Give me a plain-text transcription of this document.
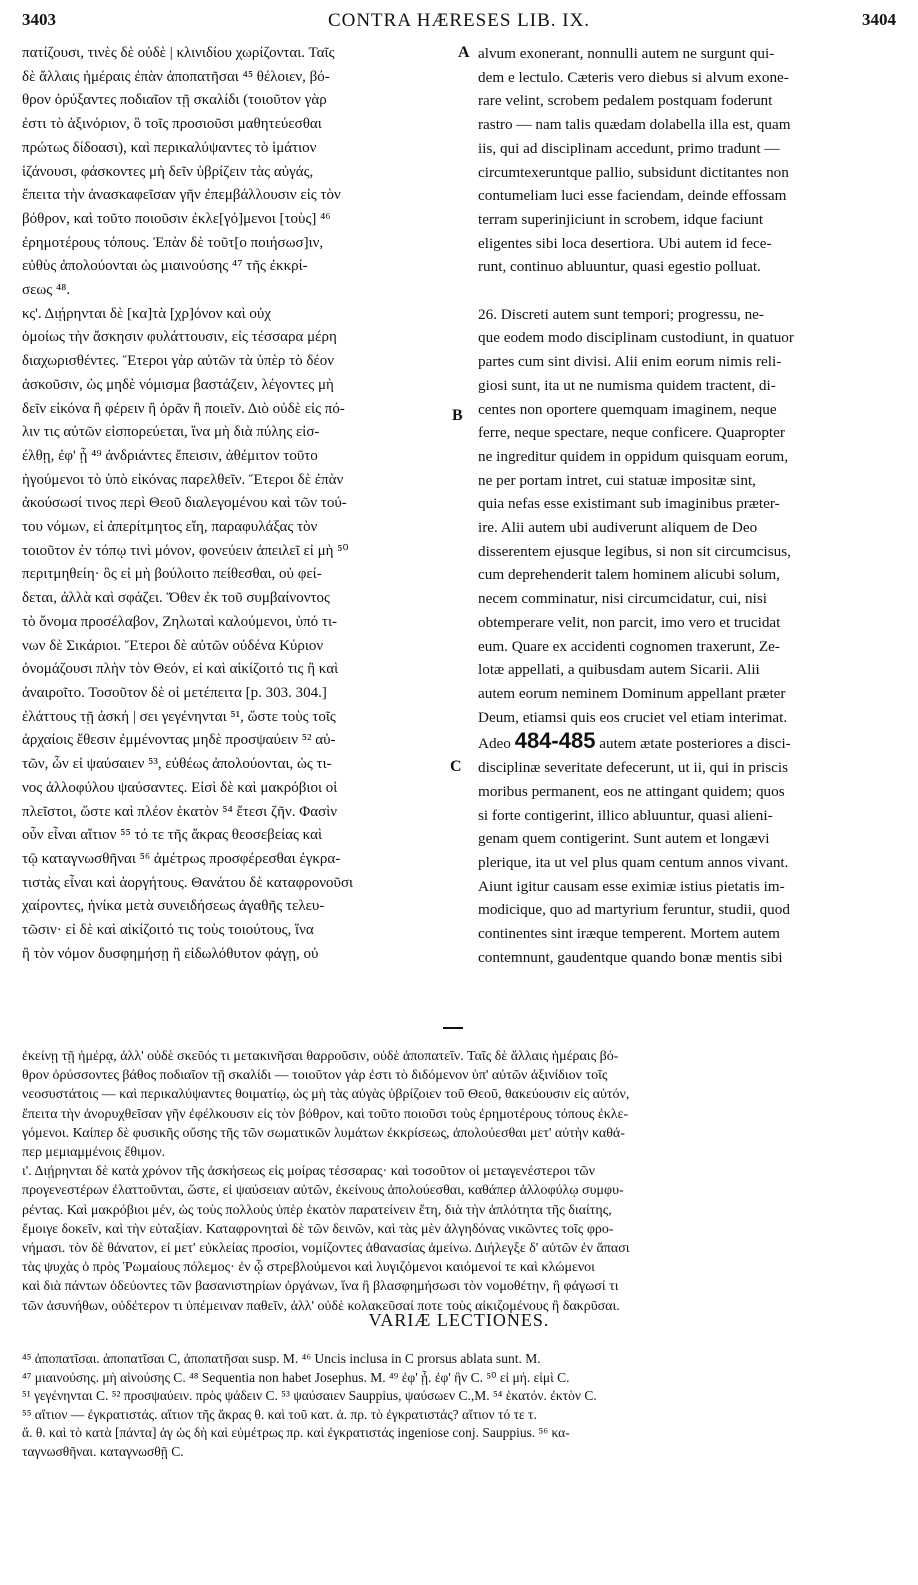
3403	CONTRA HÆRESES LIB. IX.	3404
πατίζουσι, τινὲς δὲ οὐδὲ | κλινιδίου χωρίζονται. Ταῖς
δὲ ἄλλαις ἡμέραις ἐπὰν ἀποπατῆσαι ⁴⁵ θέλοιεν, βό-
θρον ὀρύξαντες ποδιαῖον τῇ σκαλίδι (τοιοῦτον γὰρ
ἐστι τὸ ἀξινόριον, ὃ τοῖς προσιοῦσι μαθητεύεσθαι
πρώτως δίδοασι), καὶ περικαλύψαντες τὸ ἱμάτιον
ἱζάνουσι, φάσκοντες μὴ δεῖν ὑβρίζειν τὰς αὐγάς,
ἔπειτα τὴν ἀνασκαφεῖσαν γῆν ἐπεμβάλλουσιν εἰς τὸν
βόθρον, καὶ τοῦτο ποιοῦσιν ἐκλε[γό]μενοι [τοὺς] ⁴⁶
ἐρημοτέρους τόπους. Ἐπὰν δὲ τοῦτ[ο ποιήσωσ]ιν,
εὐθὺς ἀπολούονται ὡς μιαινούσης ⁴⁷ τῆς ἐκκρί-
σεως ⁴⁸.
κς'. Διῄρηνται δὲ [κα]τὰ [χρ]όνον καὶ οὐχ
ὁμοίως τὴν ἄσκησιν φυλάττουσιν, εἰς τέσσαρα μέρη
διαχωρισθέντες. Ἕτεροι γὰρ αὐτῶν τὰ ὑπὲρ τὸ δέον
ἀσκοῦσιν, ὡς μηδὲ νόμισμα βαστάζειν, λέγοντες μὴ
δεῖν εἰκόνα ἢ φέρειν ἢ ὁρᾶν ἢ ποιεῖν. Διὸ οὐδὲ εἰς πό-
λιν τις αὐτῶν εἰσπορεύεται, ἵνα μὴ διὰ πύλης εἰσ-
έλθῃ, ἐφ' ᾗ ⁴⁹ ἀνδριάντες ἔπεισιν, ἀθέμιτον τοῦτο
ἡγούμενοι τὸ ὑπὸ εἰκόνας παρελθεῖν. Ἕτεροι δὲ ἐπὰν
ἀκούσωσί τινος περὶ Θεοῦ διαλεγομένου καὶ τῶν τού-
του νόμων, εἰ ἀπερίτμητος εἴη, παραφυλάξας τὸν
τοιοῦτον ἐν τόπῳ τινὶ μόνον, φονεύειν ἀπειλεῖ εἰ μὴ ⁵⁰
περιτμηθείη· ὃς εἰ μὴ βούλοιτο πείθεσθαι, οὐ φεί-
δεται, ἀλλὰ καὶ σφάζει. Ὅθεν ἐκ τοῦ συμβαίνοντος
τὸ ὄνομα προσέλαβον, Ζηλωταὶ καλούμενοι, ὑπό τι-
νων δὲ Σικάριοι. Ἕτεροι δὲ αὐτῶν οὐδένα Κύριον
ὀνομάζουσι πλὴν τὸν Θεόν, εἰ καὶ αἰκίζοιτό τις ἢ καὶ
ἀναιροῖτο. Τοσοῦτον δὲ οἱ μετέπειτα [p. 303. 304.]
ἐλάττους τῇ ἀσκή | σει γεγένηνται ⁵¹, ὥστε τοὺς τοῖς
ἀρχαίοις ἔθεσιν ἐμμένοντας μηδὲ προσψαύειν ⁵² αὐ-
τῶν, ὧν εἰ ψαύσαιεν ⁵³, εὐθέως ἀπολούονται, ὡς τι-
νος ἀλλοφύλου ψαύσαντες. Εἰσὶ δὲ καὶ μακρόβιοι οἱ
πλεῖστοι, ὥστε καὶ πλέον ἑκατὸν ⁵⁴ ἔτεσι ζῆν. Φασὶν
οὖν εἶναι αἴτιον ⁵⁵ τό τε τῆς ἄκρας θεοσεβείας καὶ
τῷ καταγνωσθῆναι ⁵⁶ ἀμέτρως προσφέρεσθαι ἐγκρα-
τιστὰς εἶναι καὶ ἀοργήτους. Θανάτου δὲ καταφρονοῦσι
χαίροντες, ἡνίκα μετὰ συνειδήσεως ἀγαθῆς τελευ-
τῶσιν· εἰ δὲ καὶ αἰκίζοιτό τις τοὺς τοιούτους, ἵνα
ἢ τὸν νόμον δυσφημήσῃ ἢ εἰδωλόθυτον φάγῃ, οὐ
alvum exonerant, nonnulli autem ne surgunt qui-
dem e lectulo. Cæteris vero diebus si alvum exone-
rare velint, scrobem pedalem postquam foderunt
rastro — nam talis quædam dolabella illa est, quam
iis, qui ad disciplinam accedunt, primo tradunt —
circumtexeruntque pallio, subsidunt dictitantes non
contumeliam luci esse faciendam, deinde effossam
terram superinjiciunt in scrobem, idque faciunt
eligentes sibi loca desertiora. Ubi autem id fece-
runt, continuo abluuntur, quasi egestio polluat.

26. Discreti autem sunt tempori; progressu, ne-
que eodem modo disciplinam custodiunt, in quatuor
partes cum sint divisi. Alii enim eorum nimis reli-
giosi sunt, ita ut ne numisma quidem tractent, di-
centes non oportere quemquam imaginem, neque
ferre, neque spectare, neque conficere. Quapropter
ne ingreditur quidem in oppidum quisquam eorum,
ne per portam intret, cui statuæ impositæ sint,
quia nefas esse existimant sub imaginibus præter-
ire. Alii autem ubi audiverunt aliquem de Deo
disserentem ejusque legibus, si non sit circumcisus,
cum deprehenderit talem hominem alicubi solum,
necem comminatur, nisi circumcidatur, cui, nisi
obtemperare velit, non parcit, imo vero et trucidat
eum. Quare ex accidenti cognomen traxerunt, Ze-
lotæ appellati, a quibusdam autem Sicarii. Alii
autem eorum neminem Dominum appellant præter
Deum, etiamsi quis eos cruciet vel etiam interimat.
Adeo 484-485 autem ætate posteriores a disci-
disciplinæ severitate defecerunt, ut ii, qui in priscis
moribus permanent, eos ne attingant quidem; quos
si forte contigerint, illico abluuntur, quasi alieni-
genam quem contigerint. Sunt autem et longævi
plerique, ita ut vel plus quam centum annos vivant.
Aiunt igitur causam esse eximiæ istius pietatis im-
modicique, quo ad martyrium feruntur, studii, quod
continentes sint iræque temperent. Mortem autem
contemnunt, gaudentque quando bonæ mentis sibi
A
B
C
ἐκείνῃ τῇ ἡμέρᾳ, ἀλλ' οὐδὲ σκεῦός τι μετακινῆσαι θαρροῦσιν, οὐδὲ ἀποπατεῖν. Ταῖς δὲ ἄλλαις ἡμέραις βό-
θρον ὀρύσσοντες βάθος ποδιαῖον τῇ σκαλίδι — τοιοῦτον γάρ ἐστι τὸ διδόμενον ὑπ' αὐτῶν ἀξινίδιον τοῖς
νεοσυστάτοις — καὶ περικαλύψαντες θοιματίῳ, ὡς μὴ τὰς αὐγὰς ὑβρίζοιεν τοῦ Θεοῦ, θακεύουσιν εἰς αὐτόν,
ἔπειτα τὴν ἀνορυχθεῖσαν γῆν ἐφέλκουσιν εἰς τὸν βόθρον, καὶ τοῦτο ποιοῦσι τοὺς ἐρημοτέρους τόπους ἐκλε-
γόμενοι. Καίπερ δὲ φυσικῆς οὔσης τῆς τῶν σωματικῶν λυμάτων ἐκκρίσεως, ἀπολούεσθαι μετ' αὐτὴν καθά-
περ μεμιαμμένοις ἔθιμον.
ι'. Διῄρηνται δὲ κατὰ χρόνον τῆς ἀσκήσεως εἰς μοίρας τέσσαρας· καὶ τοσοῦτον οἱ μεταγενέστεροι τῶν
προγενεστέρων ἐλαττοῦνται, ὥστε, εἰ ψαύσειαν αὐτῶν, ἐκείνους ἀπολούεσθαι, καθάπερ ἀλλοφύλῳ συμφυ-
ρέντας. Καὶ μακρόβιοι μέν, ὡς τοὺς πολλοὺς ὑπὲρ ἑκατὸν παρατείνειν ἔτη, διὰ τὴν ἁπλότητα τῆς διαίτης,
ἔμοιγε δοκεῖν, καὶ τὴν εὐταξίαν. Καταφρονηταὶ δὲ τῶν δεινῶν, καὶ τὰς μὲν ἀλγηδόνας νικῶντες τοῖς φρο-
νήμασι. τὸν δὲ θάνατον, εἰ μετ' εὐκλείας προσίοι, νομίζοντες ἀθανασίας ἀμείνω. Διήλεγξε δ' αὐτῶν ἐν ἅπασι
τὰς ψυχὰς ὁ πρὸς Ῥωμαίους πόλεμος· ἐν ᾧ στρεβλούμενοι καὶ λυγιζόμενοι καιόμενοί τε καὶ κλώμενοι
καὶ διὰ πάντων ὁδεύοντες τῶν βασανιστηρίων ὀργάνων, ἵνα ἢ βλασφημήσωσι τὸν νομοθέτην, ἢ φάγωσί τι
τῶν ἀσυνήθων, οὐδέτερον τι ὑπέμειναν παθεῖν, ἀλλ' οὐδὲ κολακεῦσαί ποτε τοὺς αἰκιζομένους ἢ δακρῦσαι.
VARIÆ LECTIONES.
⁴⁵ ἀποπατῖσαι. ἀποπατῖσαι C, ἀποπατῆσαι susp. M. ⁴⁶ Uncis inclusa in C prorsus ablata sunt. M.
⁴⁷ μιαινούσης. μὴ αἰνούσης C. ⁴⁸ Sequentia non habet Josephus. M. ⁴⁹ ἐφ' ᾗ. ἐφ' ἣν C. ⁵⁰ εἰ μή. εἰμὶ C.
⁵¹ γεγένηνται C. ⁵² προσψαύειν. πρὸς ψάδειν C. ⁵³ ψαύσαιεν Sauppius, ψαύσωεν C.,M. ⁵⁴ ἑκατόν. ἐκτὸν C.
⁵⁵ αἴτιον — ἐγκρατιστάς. αἴτιον τῆς ἄκρας θ. καὶ τοῦ κατ. ἀ. πρ. τὸ ἐγκρατιστάς? αἴτιον τό τε τ.
ἄ. θ. καὶ τὸ κατὰ [πάντα] ἀγ ὡς δὴ καὶ εὐμέτρως πρ. καὶ ἐγκρατιστάς ingeniose conj. Sauppius. ⁵⁶ κα-
ταγνωσθῆναι. καταγνωσθῇ C.
